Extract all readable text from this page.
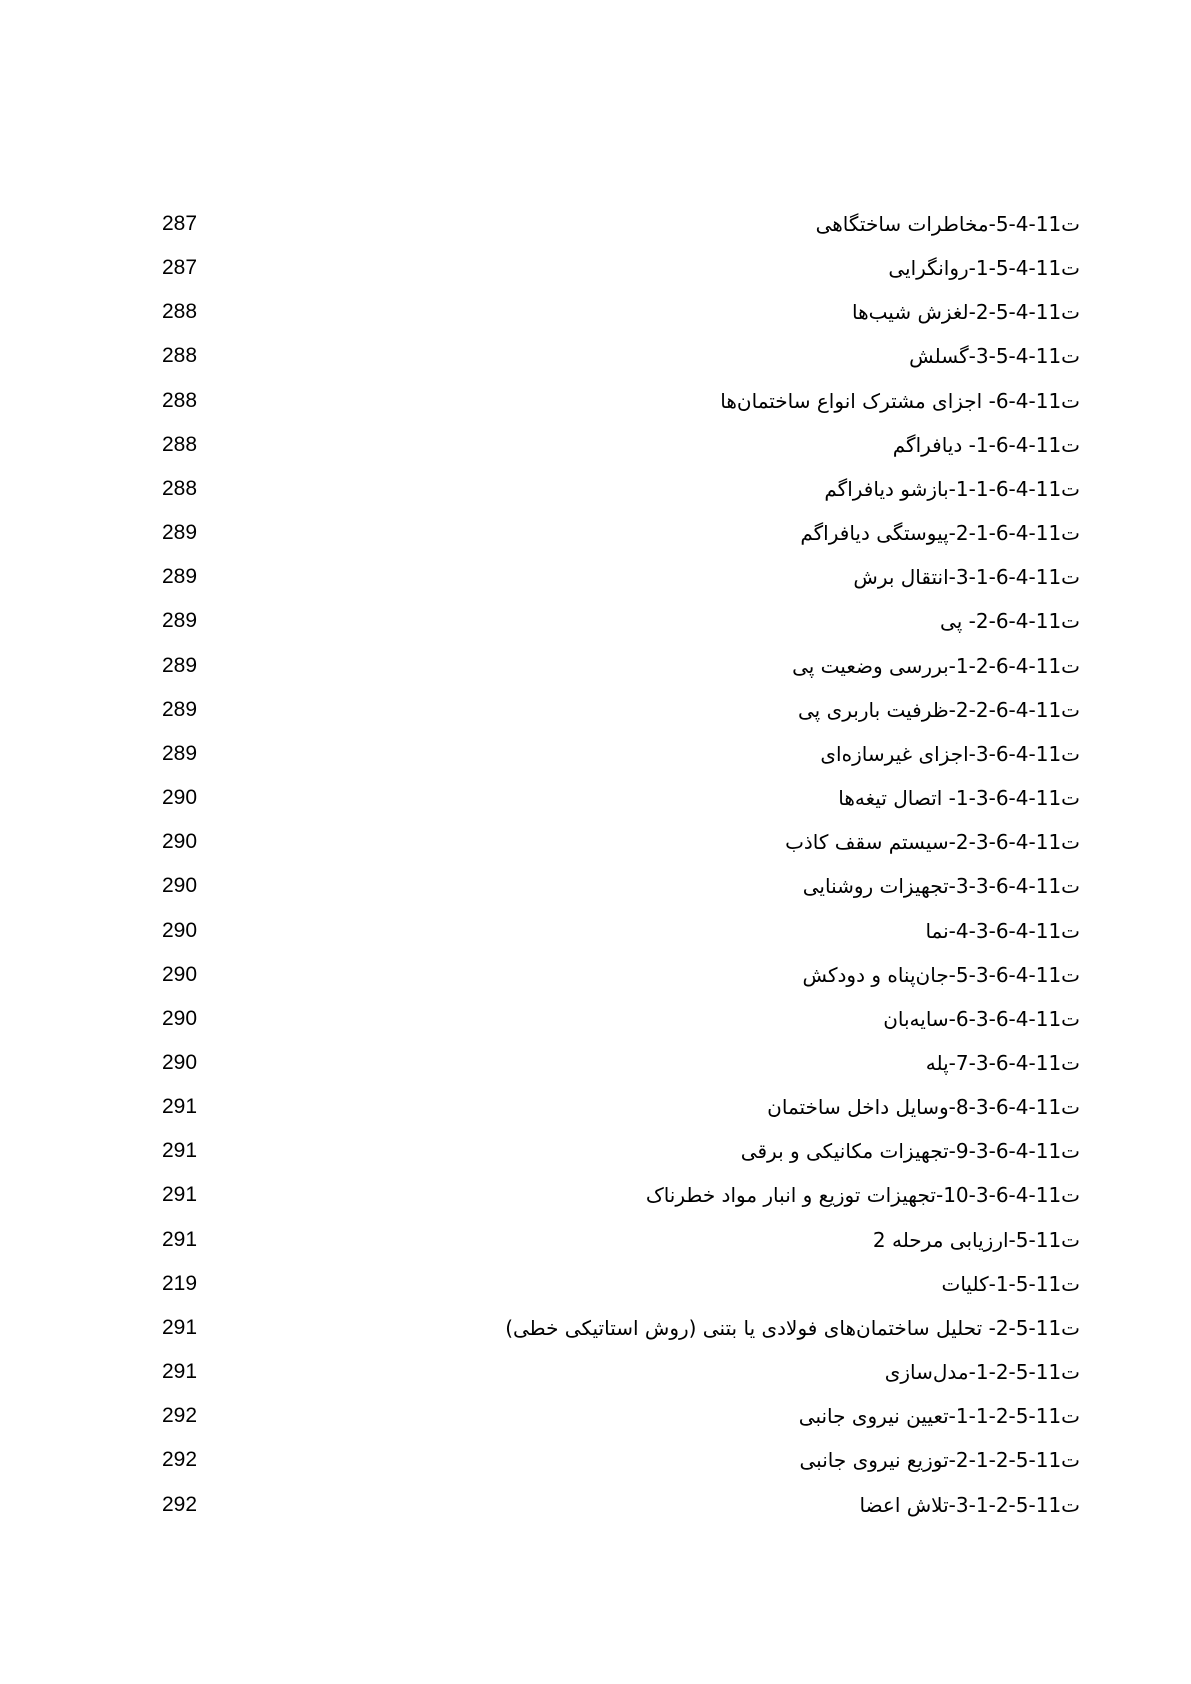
ت11-4-5-مخاطرات ساختگاهی
287
ت11-4-5-1-روانگرایی
287
ت11-4-5-2-لغزش شیب‌ها
288
ت11-4-5-3-گسلش
288
ت11-4-6- اجزای مشترک انواع ساختمان‌ها
288
ت11-4-6-1- دیافراگم
288
ت11-4-6-1-1-بازشو دیافراگم
288
ت11-4-6-1-2-پیوستگی دیافراگم
289
ت11-4-6-1-3-انتقال برش
289
ت11-4-6-2- پی
289
ت11-4-6-2-1-بررسی وضعیت پی
289
ت11-4-6-2-2-ظرفیت باربری پی
289
ت11-4-6-3-اجزای غیرسازه‌ای
289
ت11-4-6-3-1- اتصال تیغه‌ها
290
ت11-4-6-3-2-سیستم سقف کاذب
290
ت11-4-6-3-3-تجهیزات روشنایی
290
ت11-4-6-3-4-نما
290
ت11-4-6-3-5-جان‌پناه و دودکش
290
ت11-4-6-3-6-سایه‌بان
290
ت11-4-6-3-7-پله
290
ت11-4-6-3-8-وسایل داخل ساختمان
291
ت11-4-6-3-9-تجهیزات مکانیکی و برقی
291
ت11-4-6-3-10-تجهیزات توزیع و انبار مواد خطرناک
291
ت11-5-ارزیابی مرحله 2
291
ت11-5-1-کلیات
219
ت11-5-2- تحلیل ساختمان‌های فولادی یا بتنی (روش استاتیکی خطی)
291
ت11-5-2-1-مدل‌سازی
291
ت11-5-2-1-1-تعیین نیروی جانبی
292
ت11-5-2-1-2-توزیع نیروی جانبی
292
ت11-5-2-1-3-تلاش اعضا
292
